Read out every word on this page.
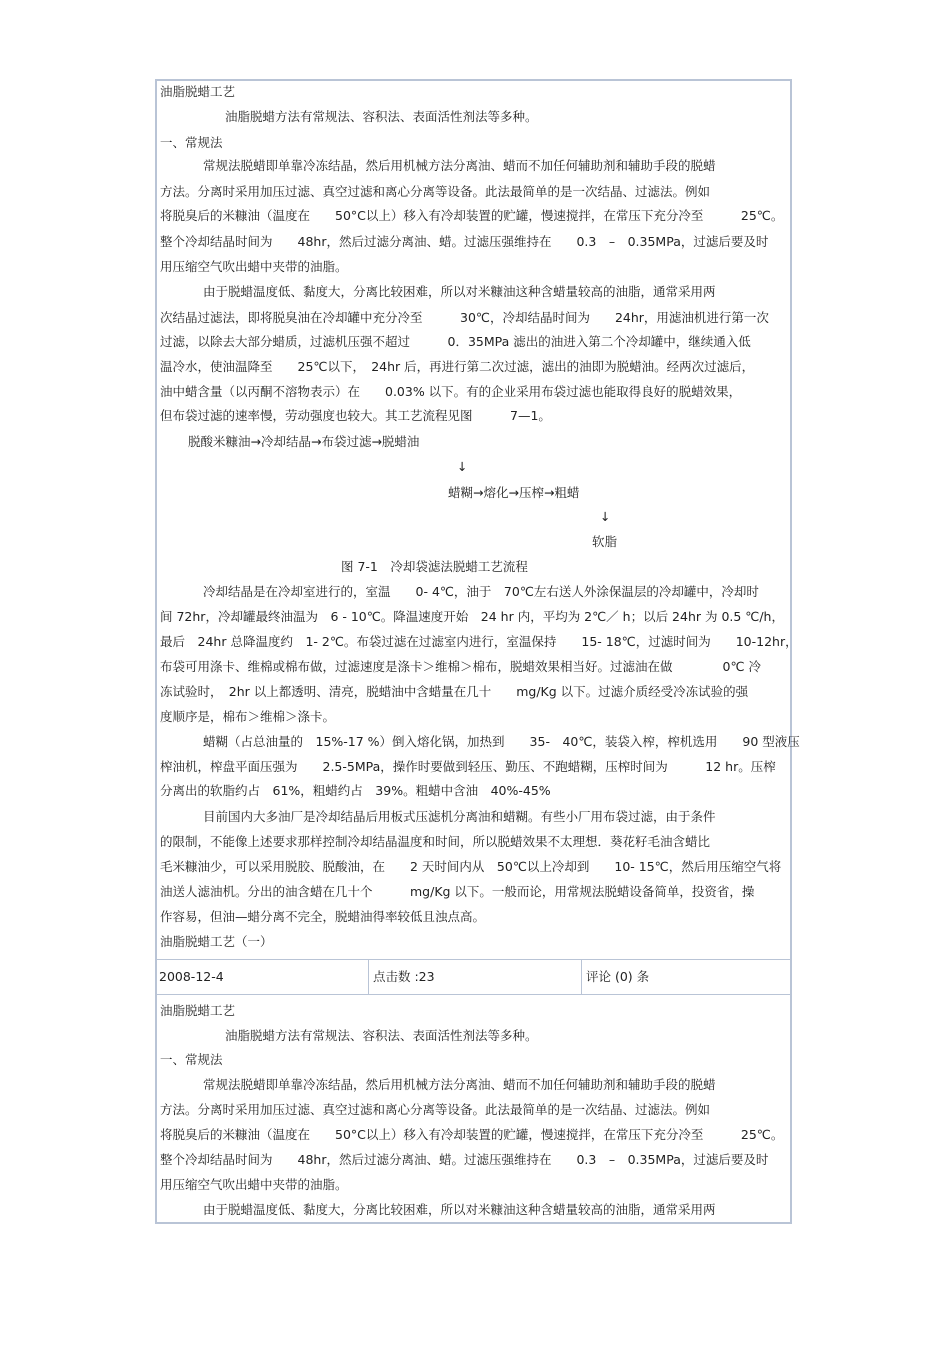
油脂脱蜡工艺
油脂脱蜡方法有常规法、容积法、表面活性剂法等多种。
一、常规法
常规法脱蜡即单靠冷冻结晶，然后用机械方法分离油、蜡而不加任何辅助剂和辅助手段的脱蜡
方法。分离时采用加压过滤、真空过滤和离心分离等设备。此法最简单的是一次结晶、过滤法。例如
将脱臭后的米糠油（温度在　　50°C以上）移入有冷却装置的贮罐，慢速搅拌，在常压下充分冷至　　　25℃。
整个冷却结晶时间为　　48hr，然后过滤分离油、蜡。过滤压强维持在　　0.3　–　0.35MPa，过滤后要及时
用压缩空气吹出蜡中夹带的油脂。
由于脱蜡温度低、黏度大，分离比较困难，所以对米糠油这种含蜡量较高的油脂，通常采用两
次结晶过滤法，即将脱臭油在冷却罐中充分冷至　　　30℃，冷却结晶时间为　　24hr，用滤油机进行第一次
过滤，以除去大部分蜡质，过滤机压强不超过　　　0．35MPa 滤出的油进入第二个冷却罐中，继续通入低
温冷水，使油温降至　　25℃以下，　24hr 后，再进行第二次过滤，滤出的油即为脱蜡油。经两次过滤后，
油中蜡含量（以丙酮不溶物表示）在　　0.03% 以下。有的企业采用布袋过滤也能取得良好的脱蜡效果，
但布袋过滤的速率慢，劳动强度也较大。其工艺流程见图　　　7—1。
脱酸米糠油→冷却结晶→布袋过滤→脱蜡油
↓
蜡糊→熔化→压榨→粗蜡
↓
软脂
图 7-1　冷却袋滤法脱蜡工艺流程
冷却结晶是在冷却室进行的，室温　　0- 4℃，油于　70℃左右送人外涂保温层的冷却罐中，冷却时
间 72hr，冷却罐最终油温为　6 - 10℃。降温速度开始　24 hr 内，平均为 2℃／ h；以后 24hr 为 0.5 ℃/h，
最后　24hr 总降温度约　1- 2℃。布袋过滤在过滤室内进行，室温保持　　15- 18℃，过滤时间为　　10-12hr，
布袋可用涤卡、维棉或棉布做，过滤速度是涤卡＞维棉＞棉布，脱蜡效果相当好。过滤油在做　　　　0℃ 冷
冻试验时，　2hr 以上都透明、清亮，脱蜡油中含蜡量在几十　　mg/Kg 以下。过滤介质经受冷冻试验的强
度顺序是，棉布＞维棉＞涤卡。
蜡糊（占总油量的　15%-17 %）倒入熔化锅，加热到　　35-　40℃，装袋入榨，榨机选用　　90 型液压
榨油机，榨盘平面压强为　　2.5-5MPa，操作时要做到轻压、勤压、不跑蜡糊，压榨时间为　　　12 hr。压榨
分离出的软脂约占　61%，粗蜡约占　39%。粗蜡中含油　40%-45%
目前国内大多油厂是冷却结晶后用板式压滤机分离油和蜡糊。有些小厂用布袋过滤，由于条件
的限制，不能像上述要求那样控制冷却结晶温度和时间，所以脱蜡效果不太理想．葵花籽毛油含蜡比
毛米糠油少，可以采用脱胶、脱酸油，在　　2 天时间内从　50℃以上冷却到　　10- 15℃，然后用压缩空气将
油送人滤油机。分出的油含蜡在几十个　　　mg/Kg 以下。一般而论，用常规法脱蜡设备简单，投资省，操
作容易，但油—蜡分离不完全，脱蜡油得率较低且浊点高。
油脂脱蜡工艺（一）
2008-12-4	点击数 :23	评论 (0) 条
油脂脱蜡工艺
油脂脱蜡方法有常规法、容积法、表面活性剂法等多种。
一、常规法
常规法脱蜡即单靠冷冻结晶，然后用机械方法分离油、蜡而不加任何辅助剂和辅助手段的脱蜡
方法。分离时采用加压过滤、真空过滤和离心分离等设备。此法最简单的是一次结晶、过滤法。例如
将脱臭后的米糠油（温度在　　50°C以上）移入有冷却装置的贮罐，慢速搅拌，在常压下充分冷至　　　25℃。
整个冷却结晶时间为　　48hr，然后过滤分离油、蜡。过滤压强维持在　　0.3　–　0.35MPa，过滤后要及时
用压缩空气吹出蜡中夹带的油脂。
由于脱蜡温度低、黏度大，分离比较困难，所以对米糠油这种含蜡量较高的油脂，通常采用两
